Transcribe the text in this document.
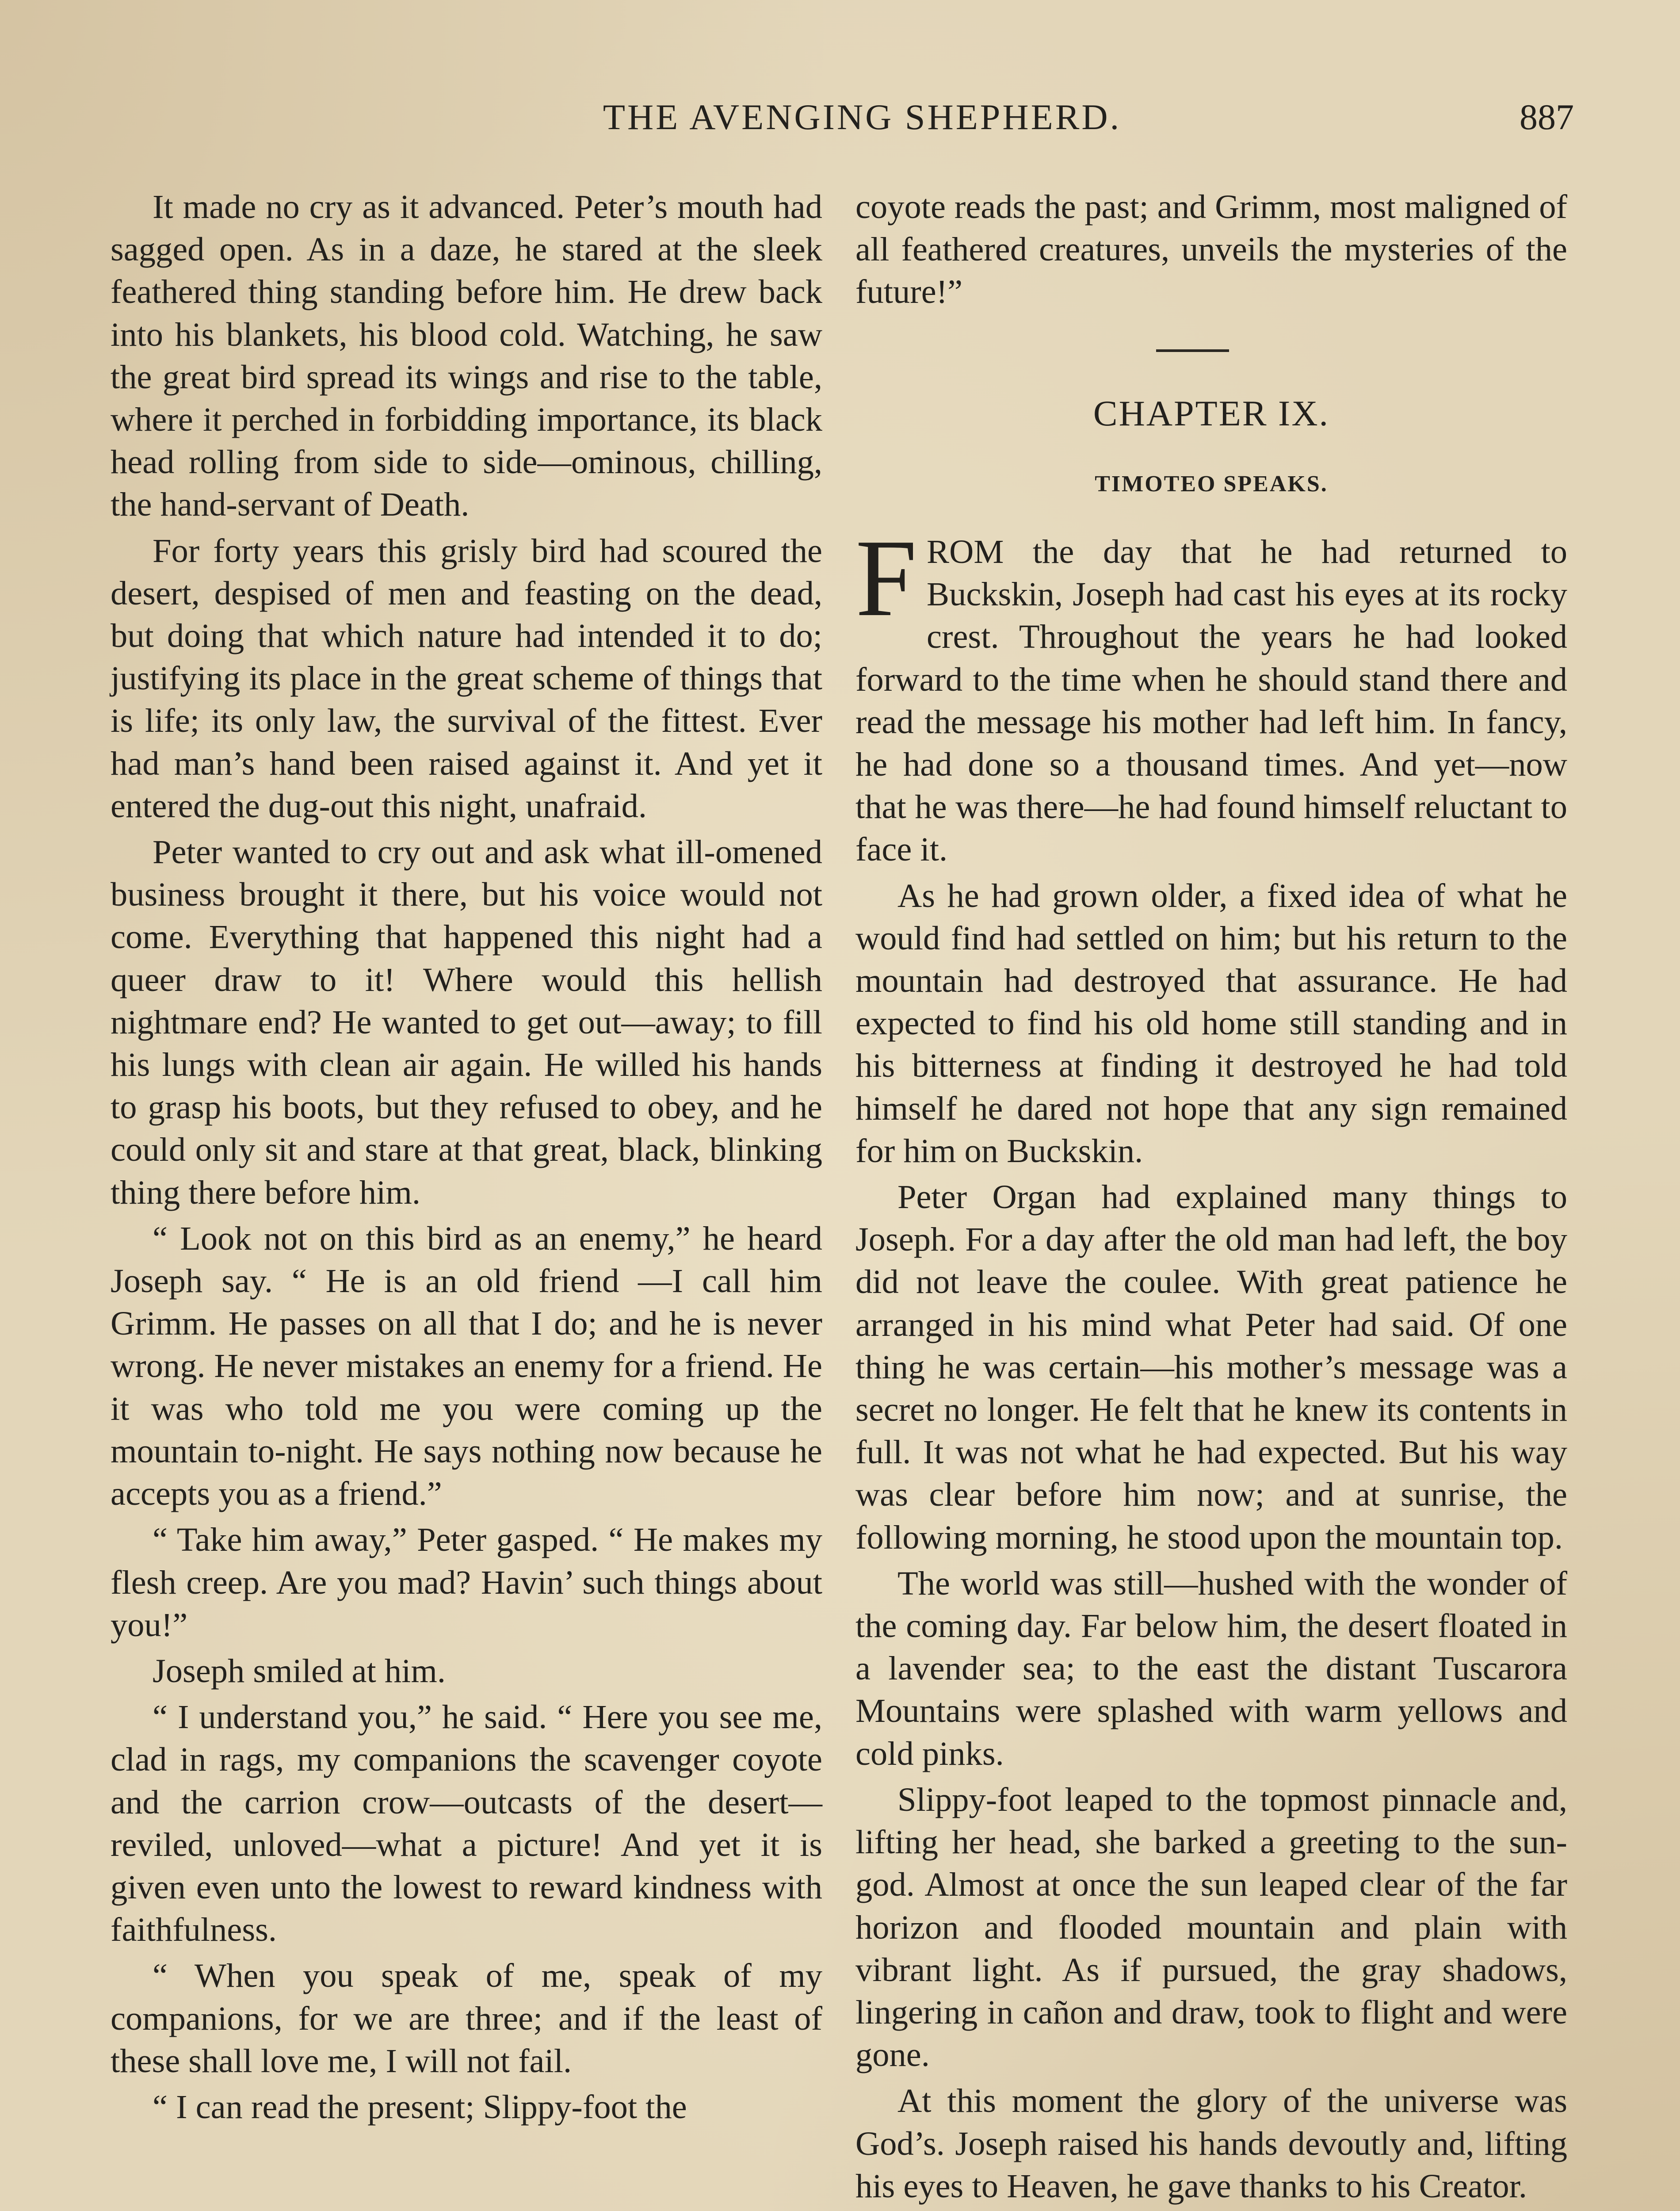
THE AVENGING SHEPHERD.	887

It made no cry as it advanced. Peter’s mouth had sagged open. As in a daze, he stared at the sleek feathered thing standing before him. He drew back into his blankets, his blood cold. Watching, he saw the great bird spread its wings and rise to the table, where it perched in forbidding importance, its black head rolling from side to side—ominous, chilling, the hand-servant of Death.

For forty years this grisly bird had scoured the desert, despised of men and feasting on the dead, but doing that which nature had intended it to do; justifying its place in the great scheme of things that is life; its only law, the survival of the fittest. Ever had man’s hand been raised against it. And yet it entered the dug-out this night, unafraid.

Peter wanted to cry out and ask what ill-omened business brought it there, but his voice would not come. Everything that happened this night had a queer draw to it! Where would this hellish nightmare end? He wanted to get out—away; to fill his lungs with clean air again. He willed his hands to grasp his boots, but they refused to obey, and he could only sit and stare at that great, black, blinking thing there before him.

“ Look not on this bird as an enemy,” he heard Joseph say. “ He is an old friend —I call him Grimm. He passes on all that I do; and he is never wrong. He never mistakes an enemy for a friend. He it was who told me you were coming up the mountain to-night. He says nothing now because he accepts you as a friend.”

“ Take him away,” Peter gasped. “ He makes my flesh creep. Are you mad? Havin’ such things about you!”

Joseph smiled at him.

“ I understand you,” he said. “ Here you see me, clad in rags, my companions the scavenger coyote and the carrion crow—outcasts of the desert—reviled, unloved—what a picture! And yet it is given even unto the lowest to reward kindness with faithfulness.

“ When you speak of me, speak of my companions, for we are three; and if the least of these shall love me, I will not fail.

“ I can read the present; Slippy-foot the

coyote reads the past; and Grimm, most maligned of all feathered creatures, unveils the mysteries of the future!”

CHAPTER IX.
TIMOTEO SPEAKS.

FROM the day that he had returned to Buckskin, Joseph had cast his eyes at its rocky crest. Throughout the years he had looked forward to the time when he should stand there and read the message his mother had left him. In fancy, he had done so a thousand times. And yet—now that he was there—he had found himself reluctant to face it.

As he had grown older, a fixed idea of what he would find had settled on him; but his return to the mountain had destroyed that assurance. He had expected to find his old home still standing and in his bitterness at finding it destroyed he had told himself he dared not hope that any sign remained for him on Buckskin.

Peter Organ had explained many things to Joseph. For a day after the old man had left, the boy did not leave the coulee. With great patience he arranged in his mind what Peter had said. Of one thing he was certain—his mother’s message was a secret no longer. He felt that he knew its contents in full. It was not what he had expected. But his way was clear before him now; and at sunrise, the following morning, he stood upon the mountain top.

The world was still—hushed with the wonder of the coming day. Far below him, the desert floated in a lavender sea; to the east the distant Tuscarora Mountains were splashed with warm yellows and cold pinks.

Slippy-foot leaped to the topmost pinnacle and, lifting her head, she barked a greeting to the sun-god. Almost at once the sun leaped clear of the far horizon and flooded mountain and plain with vibrant light. As if pursued, the gray shadows, lingering in cañon and draw, took to flight and were gone.

At this moment the glory of the universe was God’s. Joseph raised his hands devoutly and, lifting his eyes to Heaven, he gave thanks to his Creator.
